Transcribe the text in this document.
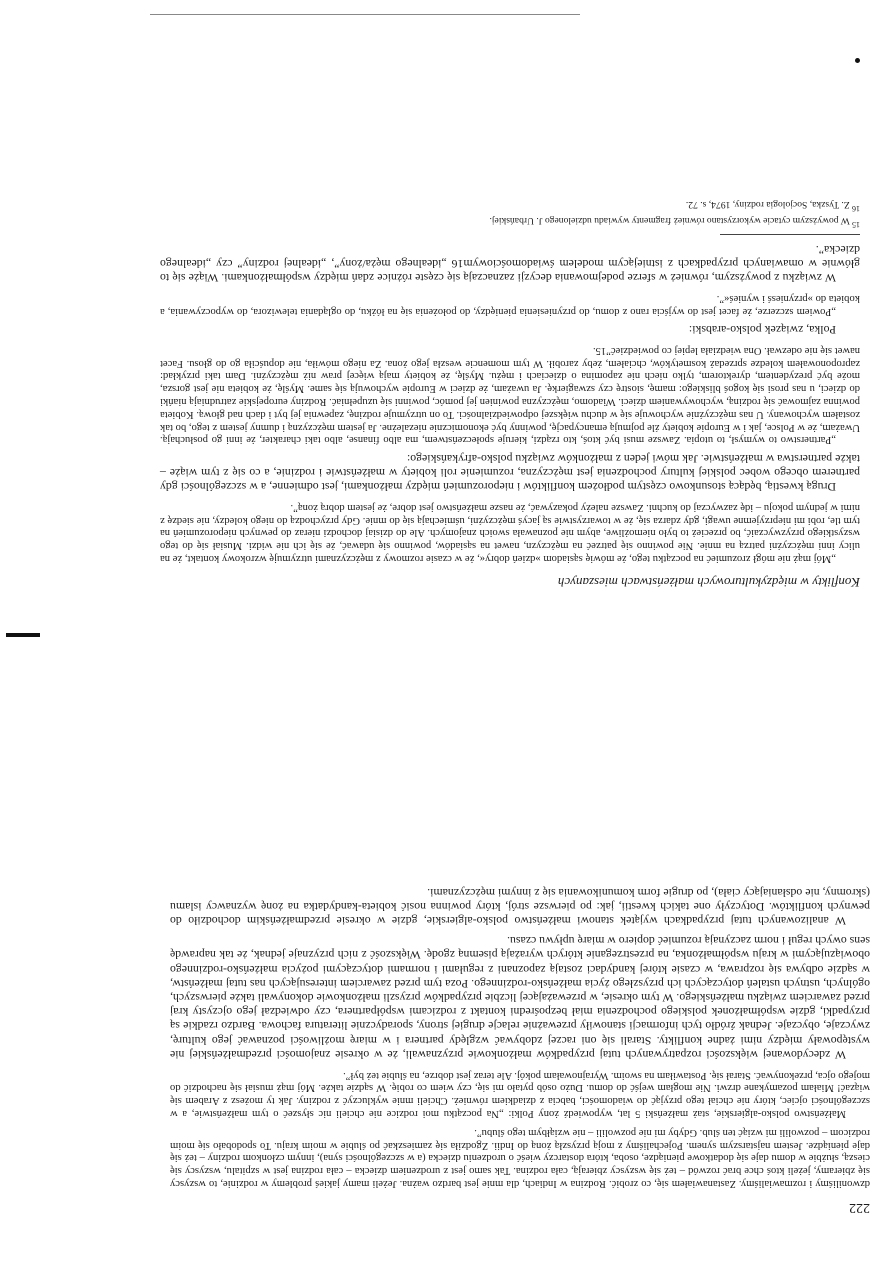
222

dzwoniliśmy i rozmawialiśmy. Zastanawiałem się, co zrobić. Rodzina w Indiach, dla mnie jest bardzo ważna. Jeżeli mamy jakieś problemy w rodzinie, to wszyscy się zbieramy, jeżeli ktoś chce brać rozwód – też się wszyscy zbierają, cała rodzina. Tak samo jest z urodzeniem dziecka – cała rodzina jest w szpitalu, wszyscy się cieszą, służbie w domu daje się dodatkowe pieniądze, osoba, która dostarczy wieść o urodzeniu dziecka (a w szczególności syna), innym członkom rodziny – też się daje pieniądze. Jestem najstarszym synem. Pojechaliśmy z moją przyszłą żoną do Indii. Zgodziła się zamieszkać po ślubie w moim kraju. To spodobało się moim rodzicom – pozwolili mi wziąć ten ślub. Gdyby mi nie pozwolili – nie wziąłbym tego ślubu”.

Małżeństwo polsko-algierskie, staż małżeński 5 lat, wypowiedź żony Polki: „Na początku moi rodzice nie chcieli nic słyszeć o tym małżeństwie, a w szczególności ojciec, który nie chciał tego przyjąć do wiadomości, babcia z dziadkiem również. Chcieli mnie wykluczyć z rodziny. Jak ty możesz z Arabem się wiązać! Miałam pozamykane drzwi. Nie mogłam wejść do domu. Dużo osób pytało mi się, czy wiem co robię. W sądzie także. Mój mąż musiał się nachodzić do mojego ojca, przekonywać. Starał się. Postawiłam na swoim. Wyrajnowałam pokój. Ale teraz jest dobrze, na ślubie też był”.

W zdecydowanej większości rozpatrywanych tutaj przypadków małżonkowie przyznawali, że w okresie znajomości przedmałżeńskiej nie występowały między nimi żadne konflikty. Starali się oni raczej zdobywać względy partnera i w miarę możliwości poznawać jego kulturę, zwyczaje, obyczaje. Jednak źródło tych informacji stanowiły przeważnie relacje drugiej strony, sporadycznie literatura fachowa. Bardzo rzadkie są przypadki, gdzie współmałżonek polskiego pochodzenia miał bezpośredni kontakt z rodzicami współpartnera, czy odwiedzał jego ojczysty kraj przed zawarciem związku małżeńskiego. W tym okresie, w przeważającej liczbie przypadków przyszli małżonkowie dokonywali także pierwszych, ogólnych, ustnych ustaleń dotyczących ich przyszłego życia małżeńsko-rodzinnego. Poza tym przed zawarciem interesujących nas tutaj małżeństw, w sądzie odbywa się rozprawa, w czasie której kandydaci zostają zapoznani z regułami i normami dotyczącymi pożycia małżeńsko-rodzinnego obowiązującymi w kraju współmałżonka, na przestrzeganie których wyrażają pisemną zgodę. Większość z nich przyznaje jednak, że tak naprawdę sens owych reguł i norm zaczynają rozumieć dopiero w miarę upływu czasu.

W analizowanych tutaj przypadkach wyjątek stanowi małżeństwo polsko-algierskie, gdzie w okresie przedmałżeńskim dochodziło do pewnych konfliktów. Dotyczyły one takich kwestii, jak: po pierwsze strój, który powinna nosić kobieta-kandydatka na żonę wyznawcy islamu (skromny, nie odsłaniający ciała), po drugie form komunikowania się z innymi mężczyznami.

Konflikty w międzykulturowych małżeństwach mieszanych

„Mój mąż nie mógł zrozumieć na początku tego, że mówię sąsiadom »dzień dobry«, że w czasie rozmowy z mężczyznami utrzymuję wzrokowy kontakt, że na ulicy inni mężczyźni patrzą na mnie. Nie powinno się patrzeć na mężczyzn, nawet na sąsiadów, powinno się udawać, że się ich nie widzi. Musiał się do tego wszystkiego przyzwyczaić, bo przecież to było niemożliwe, abym nie poznawała swoich znajomych. Ale do dzisiaj dochodzi nieraz do pewnych nieporozumień na tym tle, robi mi nieprzyjemne uwagi, gdy zdarza się, że w towarzystwie są jacyś mężczyźni, uśmiechają się do mnie. Gdy przychodzą do niego koledzy, nie siedzę z nimi w jednym pokoju – idę zazwyczaj do kuchni. Zawsze należy pokazywać, że nasze małżeństwo jest dobre, że jestem dobrą żoną”.

Drugą kwestią, będącą stosunkowo częstym podłożem konfliktów i nieporozumień między małżonkami, jest odmienne, a w szczególności gdy partnerem obcego wobec polskiej kultury pochodzenia jest mężczyzna, rozumienie roli kobiety w małżeństwie i rodzinie, a co się z tym wiąże – także partnerstwa w małżeństwie. Jak mówi jeden z małżonków związku polsko-afrykańskiego:

„Partnerstwo to wymysł, to utopia. Zawsze musi być ktoś, kto rządzi, kieruje społeczeństwem, ma albo finanse, albo taki charakter, że inni go posłuchają. Uważam, że w Polsce, jak i w Europie kobiety źle pojmują emancypację, powinny być ekonomicznie niezależne. Ja jestem mężczyzną i dumny jestem z tego, bo tak zostałem wychowany. U nas mężczyźnie wychowuje się w duchu większej odpowiedzialności. To on utrzymuje rodzinę, zapewnia jej byt i dach nad głową. Kobieta powinna zajmować się rodziną, wychowywaniem dzieci. Wiadomo, mężczyzna powinien jej pomóc, powinni się uzupełniać. Rodziny europejskie zatrudniają niańki do dzieci, u nas prosi się kogoś bliskiego: mamę, siostrę czy szwagierkę. Ja uważam, że dzieci w Europie wychowują się same. Myślę, że kobieta nie jest gorsza, może być prezydentem, dyrektorem, tylko niech nie zapomina o dzieciach i mężu. Myślę, że kobiety mają więcej praw niż mężczyźni. Dam taki przykład: zaproponowałem koledze sprzedaż kosmetyków, chciałem, żeby zarobił. W tym momencie weszła jego żona. Za niego mówiła, nie dopuściła go do głosu. Facet nawet się nie odezwał. Ona wiedziała lepiej co powiedzieć”15.

Polka, związek polsko-arabski:

„Powiem szczerze, że facet jest do wyjścia rano z domu, do przyniesienia pieniędzy, do położenia się na łóżku, do oglądania telewizora, do wypoczywania, a kobieta do »przyniesś i wynieś«”.

W związku z powyższym, również w sferze podejmowania decyzji zaznaczają się częste różnice zdań między współmałżonkami. Wiąże się to głównie w omawianych przypadkach z istniejącym modelem świadomościowym16 „idealnego męża/żony”, „idealnej rodziny” czy „idealnego dziecka”.

$^{15}$ W powyższym cytacie wykorzystano również fragmenty wywiadu udzielonego J. Urbańskiej.

$^{16}$ Z. Tyszka, Socjologia rodziny, 1974, s. 72.
